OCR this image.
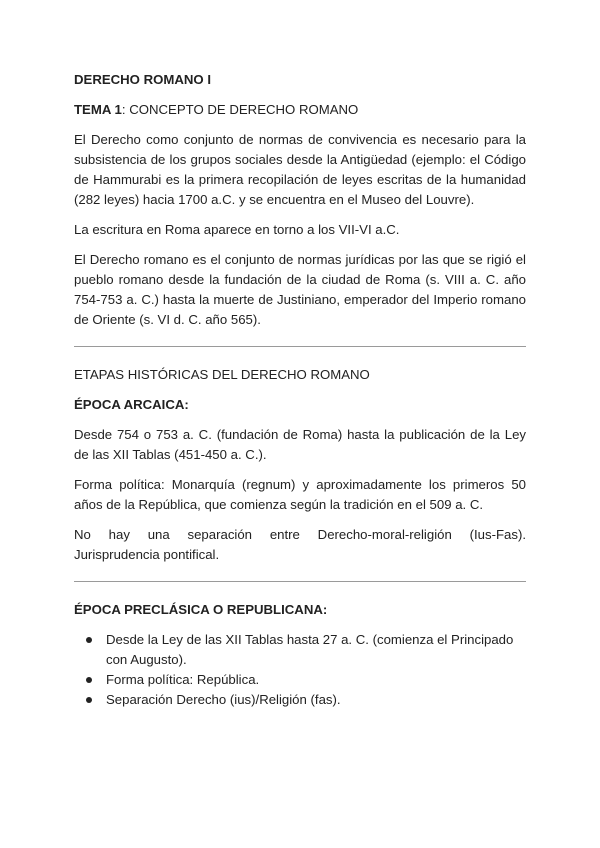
DERECHO ROMANO I
TEMA 1: CONCEPTO DE DERECHO ROMANO

El Derecho como conjunto de normas de convivencia es necesario para la subsistencia de los grupos sociales desde la Antigüedad (ejemplo: el Código de Hammurabi es la primera recopilación de leyes escritas de la humanidad (282 leyes) hacia 1700 a.C. y se encuentra en el Museo del Louvre).

La escritura en Roma aparece en torno a los VII-VI a.C.

El Derecho romano es el conjunto de normas jurídicas por las que se rigió el pueblo romano desde la fundación de la ciudad de Roma (s. VIII a. C. año 754-753 a. C.) hasta la muerte de Justiniano, emperador del Imperio romano de Oriente (s. VI d. C. año 565).

ETAPAS HISTÓRICAS DEL DERECHO ROMANO
ÉPOCA ARCAICA:

Desde 754 o 753 a. C. (fundación de Roma) hasta la publicación de la Ley de las XII Tablas (451-450 a. C.).

Forma política: Monarquía (regnum) y aproximadamente los primeros 50 años de la República, que comienza según la tradición en el 509 a. C.

No hay una separación entre Derecho-moral-religión (Ius-Fas). Jurisprudencia pontifical.

ÉPOCA PRECLÁSICA O REPUBLICANA:
Desde la Ley de las XII Tablas hasta 27 a. C. (comienza el Principado con Augusto).
Forma política: República.
Separación Derecho (ius)/Religión (fas).
